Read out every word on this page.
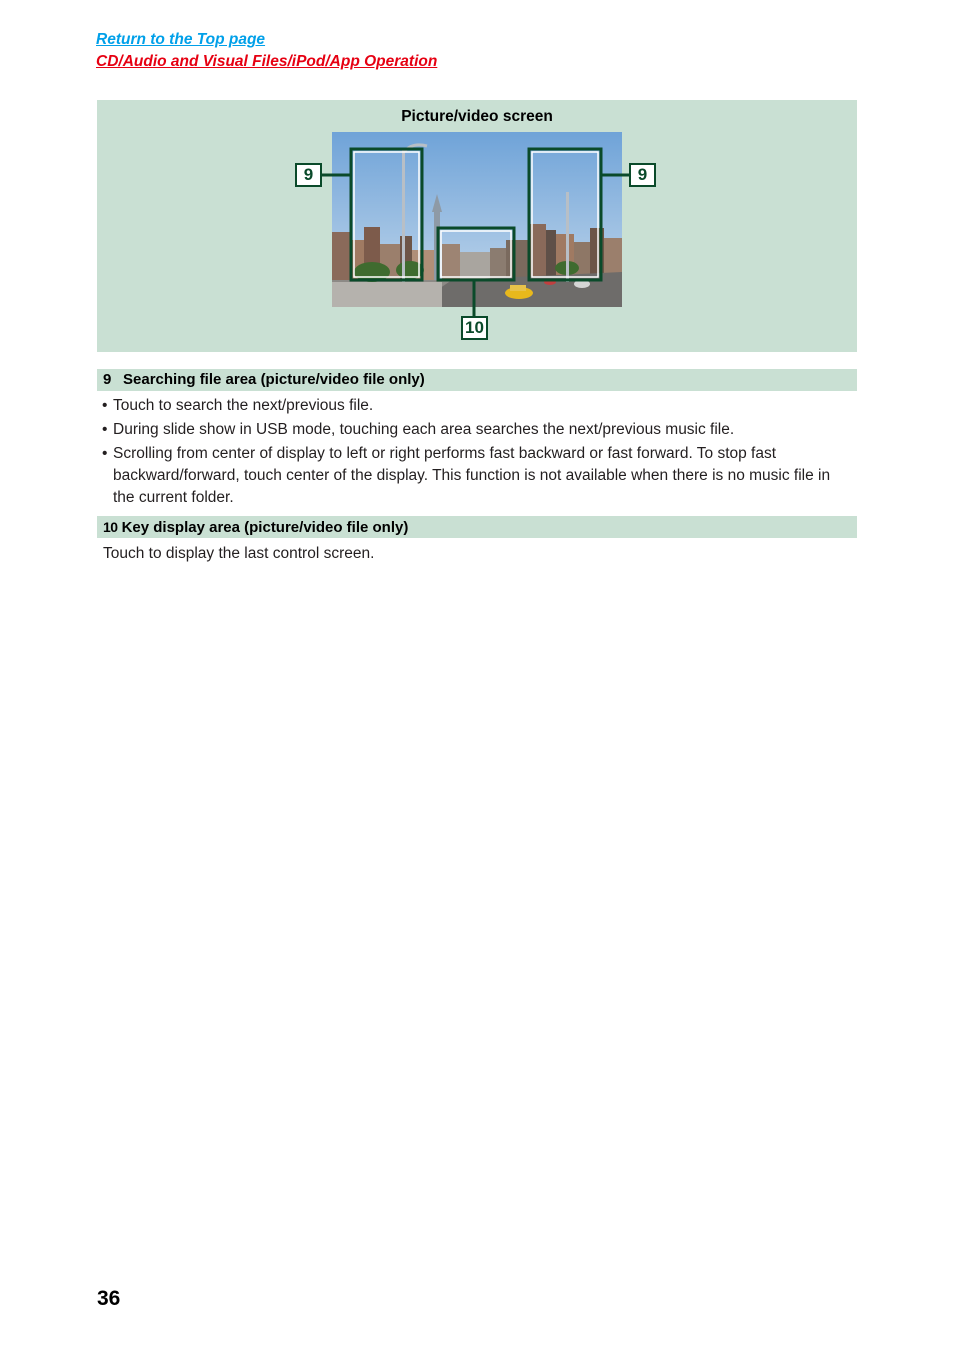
Return to the Top page
CD/Audio and Visual Files/iPod/App Operation
Picture/video screen
9	9
10
9 Searching file area (picture/video file only)
• Touch to search the next/previous file.
• During slide show in USB mode, touching each area searches the next/previous music file.
• Scrolling from center of display to left or right performs fast backward or fast forward. To stop fast backward/forward, touch center of the display. This function is not available when there is no music file in the current folder.
10 Key display area (picture/video file only)
Touch to display the last control screen.
36
